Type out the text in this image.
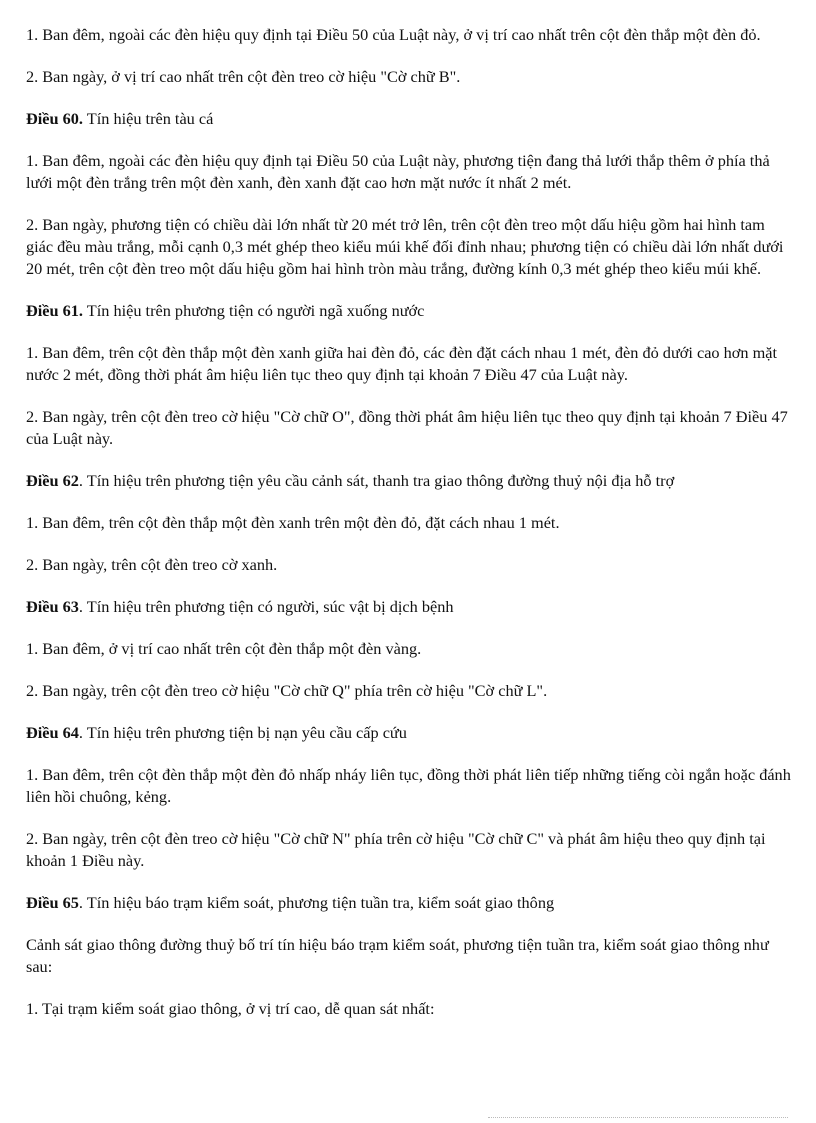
1. Ban đêm, ngoài các đèn hiệu quy định tại Điều 50 của Luật này, ở vị trí cao nhất trên cột đèn thắp một đèn đỏ.

2. Ban ngày, ở vị trí cao nhất trên cột đèn treo cờ hiệu "Cờ chữ B".

Điều 60. Tín hiệu trên tàu cá

1. Ban đêm, ngoài các đèn hiệu quy định tại Điều 50 của Luật này, phương tiện đang thả lưới thắp thêm ở phía thả lưới một đèn trắng trên một đèn xanh, đèn xanh đặt cao hơn mặt nước ít nhất 2 mét.

2. Ban ngày, phương tiện có chiều dài lớn nhất từ 20 mét trở lên, trên cột đèn treo một dấu hiệu gồm hai hình tam giác đều màu trắng, mỗi cạnh 0,3 mét ghép theo kiểu múi khế đối đỉnh nhau; phương tiện có chiều dài lớn nhất dưới 20 mét, trên cột đèn treo một dấu hiệu gồm hai hình tròn màu trắng, đường kính 0,3 mét ghép theo kiểu múi khế.

Điều 61. Tín hiệu trên phương tiện có người ngã xuống nước

1. Ban đêm, trên cột đèn thắp một đèn xanh giữa hai đèn đỏ, các đèn đặt cách nhau 1 mét, đèn đỏ dưới cao hơn mặt nước 2 mét, đồng thời phát âm hiệu liên tục theo quy định tại khoản 7 Điều 47 của Luật này.

2. Ban ngày, trên cột đèn treo cờ hiệu "Cờ chữ O", đồng thời phát âm hiệu liên tục theo quy định tại khoản 7 Điều 47 của Luật này.

Điều 62. Tín hiệu trên phương tiện yêu cầu cảnh sát, thanh tra giao thông đường thuỷ nội địa hỗ trợ

1. Ban đêm, trên cột đèn thắp một đèn xanh trên một đèn đỏ, đặt cách nhau 1 mét.

2. Ban ngày, trên cột đèn treo cờ xanh.

Điều 63. Tín hiệu trên phương tiện có người, súc vật bị dịch bệnh

1. Ban đêm, ở vị trí cao nhất trên cột đèn thắp một đèn vàng.

2. Ban ngày, trên cột đèn treo cờ hiệu "Cờ chữ Q" phía trên cờ hiệu "Cờ chữ L".

Điều 64. Tín hiệu trên phương tiện bị nạn yêu cầu cấp cứu

1. Ban đêm, trên cột đèn thắp một đèn đỏ nhấp nháy liên tục, đồng thời phát liên tiếp những tiếng còi ngắn hoặc đánh liên hồi chuông, kẻng.

2. Ban ngày, trên cột đèn treo cờ hiệu "Cờ chữ N" phía trên cờ hiệu "Cờ chữ C" và phát âm hiệu theo quy định tại khoản 1 Điều này.

Điều 65. Tín hiệu báo trạm kiểm soát, phương tiện tuần tra, kiểm soát giao thông

Cảnh sát giao thông đường thuỷ bố trí tín hiệu báo trạm kiểm soát, phương tiện tuần tra, kiểm soát giao thông như sau:

1. Tại trạm kiểm soát giao thông, ở vị trí cao, dễ quan sát nhất:
